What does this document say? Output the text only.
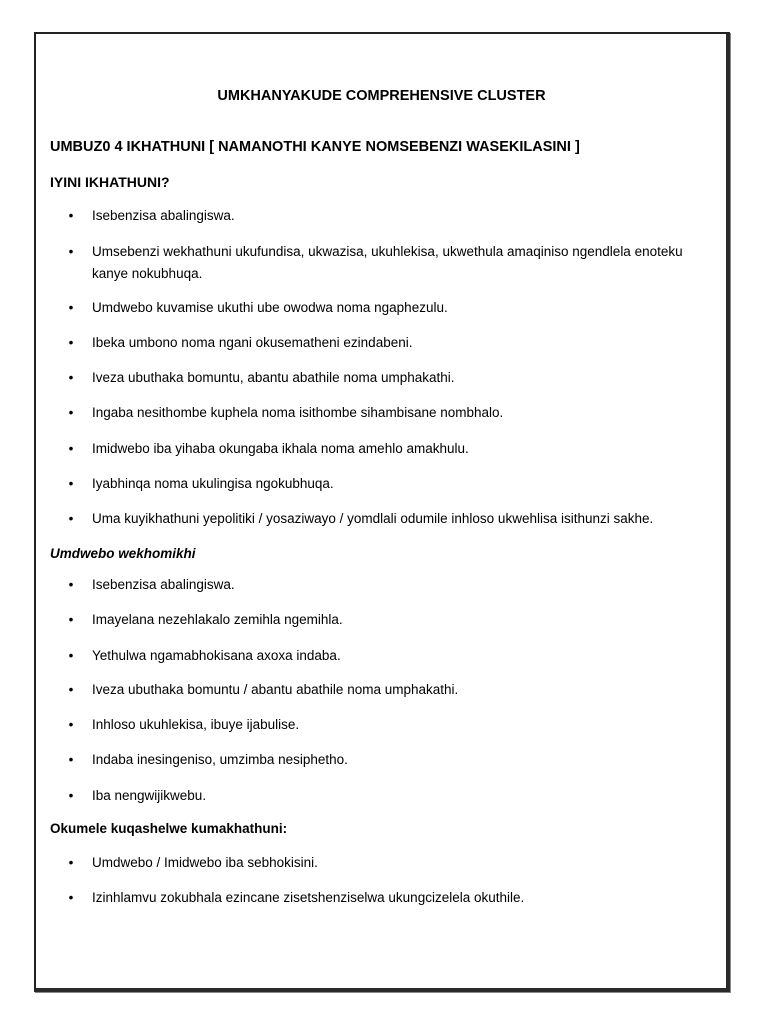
UMKHANYAKUDE COMPREHENSIVE CLUSTER
UMBUZ0 4 IKHATHUNI [ NAMANOTHI KANYE NOMSEBENZI WASEKILASINI ]
IYINI IKHATHUNI?
• Isebenzisa abalingiswa.
• Umsebenzi wekhathuni ukufundisa, ukwazisa, ukuhlekisa, ukwethula amaqiniso ngendlela enoteku kanye nokubhuqa.
• Umdwebo kuvamise ukuthi ube owodwa noma ngaphezulu.
• Ibeka umbono noma ngani okusematheni ezindabeni.
• Iveza ubuthaka bomuntu, abantu abathile noma umphakathi.
• Ingaba nesithombe kuphela noma isithombe sihambisane nombhalo.
• Imidwebo iba yihaba okungaba ikhala noma amehlo amakhulu.
• Iyabhinqa noma ukulingisa ngokubhuqa.
• Uma kuyikhathuni yepolitiki / yosaziwayo / yomdlali odumile inhloso ukwehlisa isithunzi sakhe.
Umdwebo wekhomikhi
• Isebenzisa abalingiswa.
• Imayelana nezehlakalo zemihla ngemihla.
• Yethulwa ngamabhokisana axoxa indaba.
• Iveza ubuthaka bomuntu / abantu abathile noma umphakathi.
• Inhloso ukuhlekisa, ibuye ijabulise.
• Indaba inesingeniso, umzimba nesiphetho.
• Iba nengwijikwebu.
Okumele kuqashelwe kumakhathuni:
• Umdwebo / Imidwebo iba sebhokisini.
• Izinhlamvu zokubhala ezincane zisetshenziselwa ukungcizelela okuthile.
